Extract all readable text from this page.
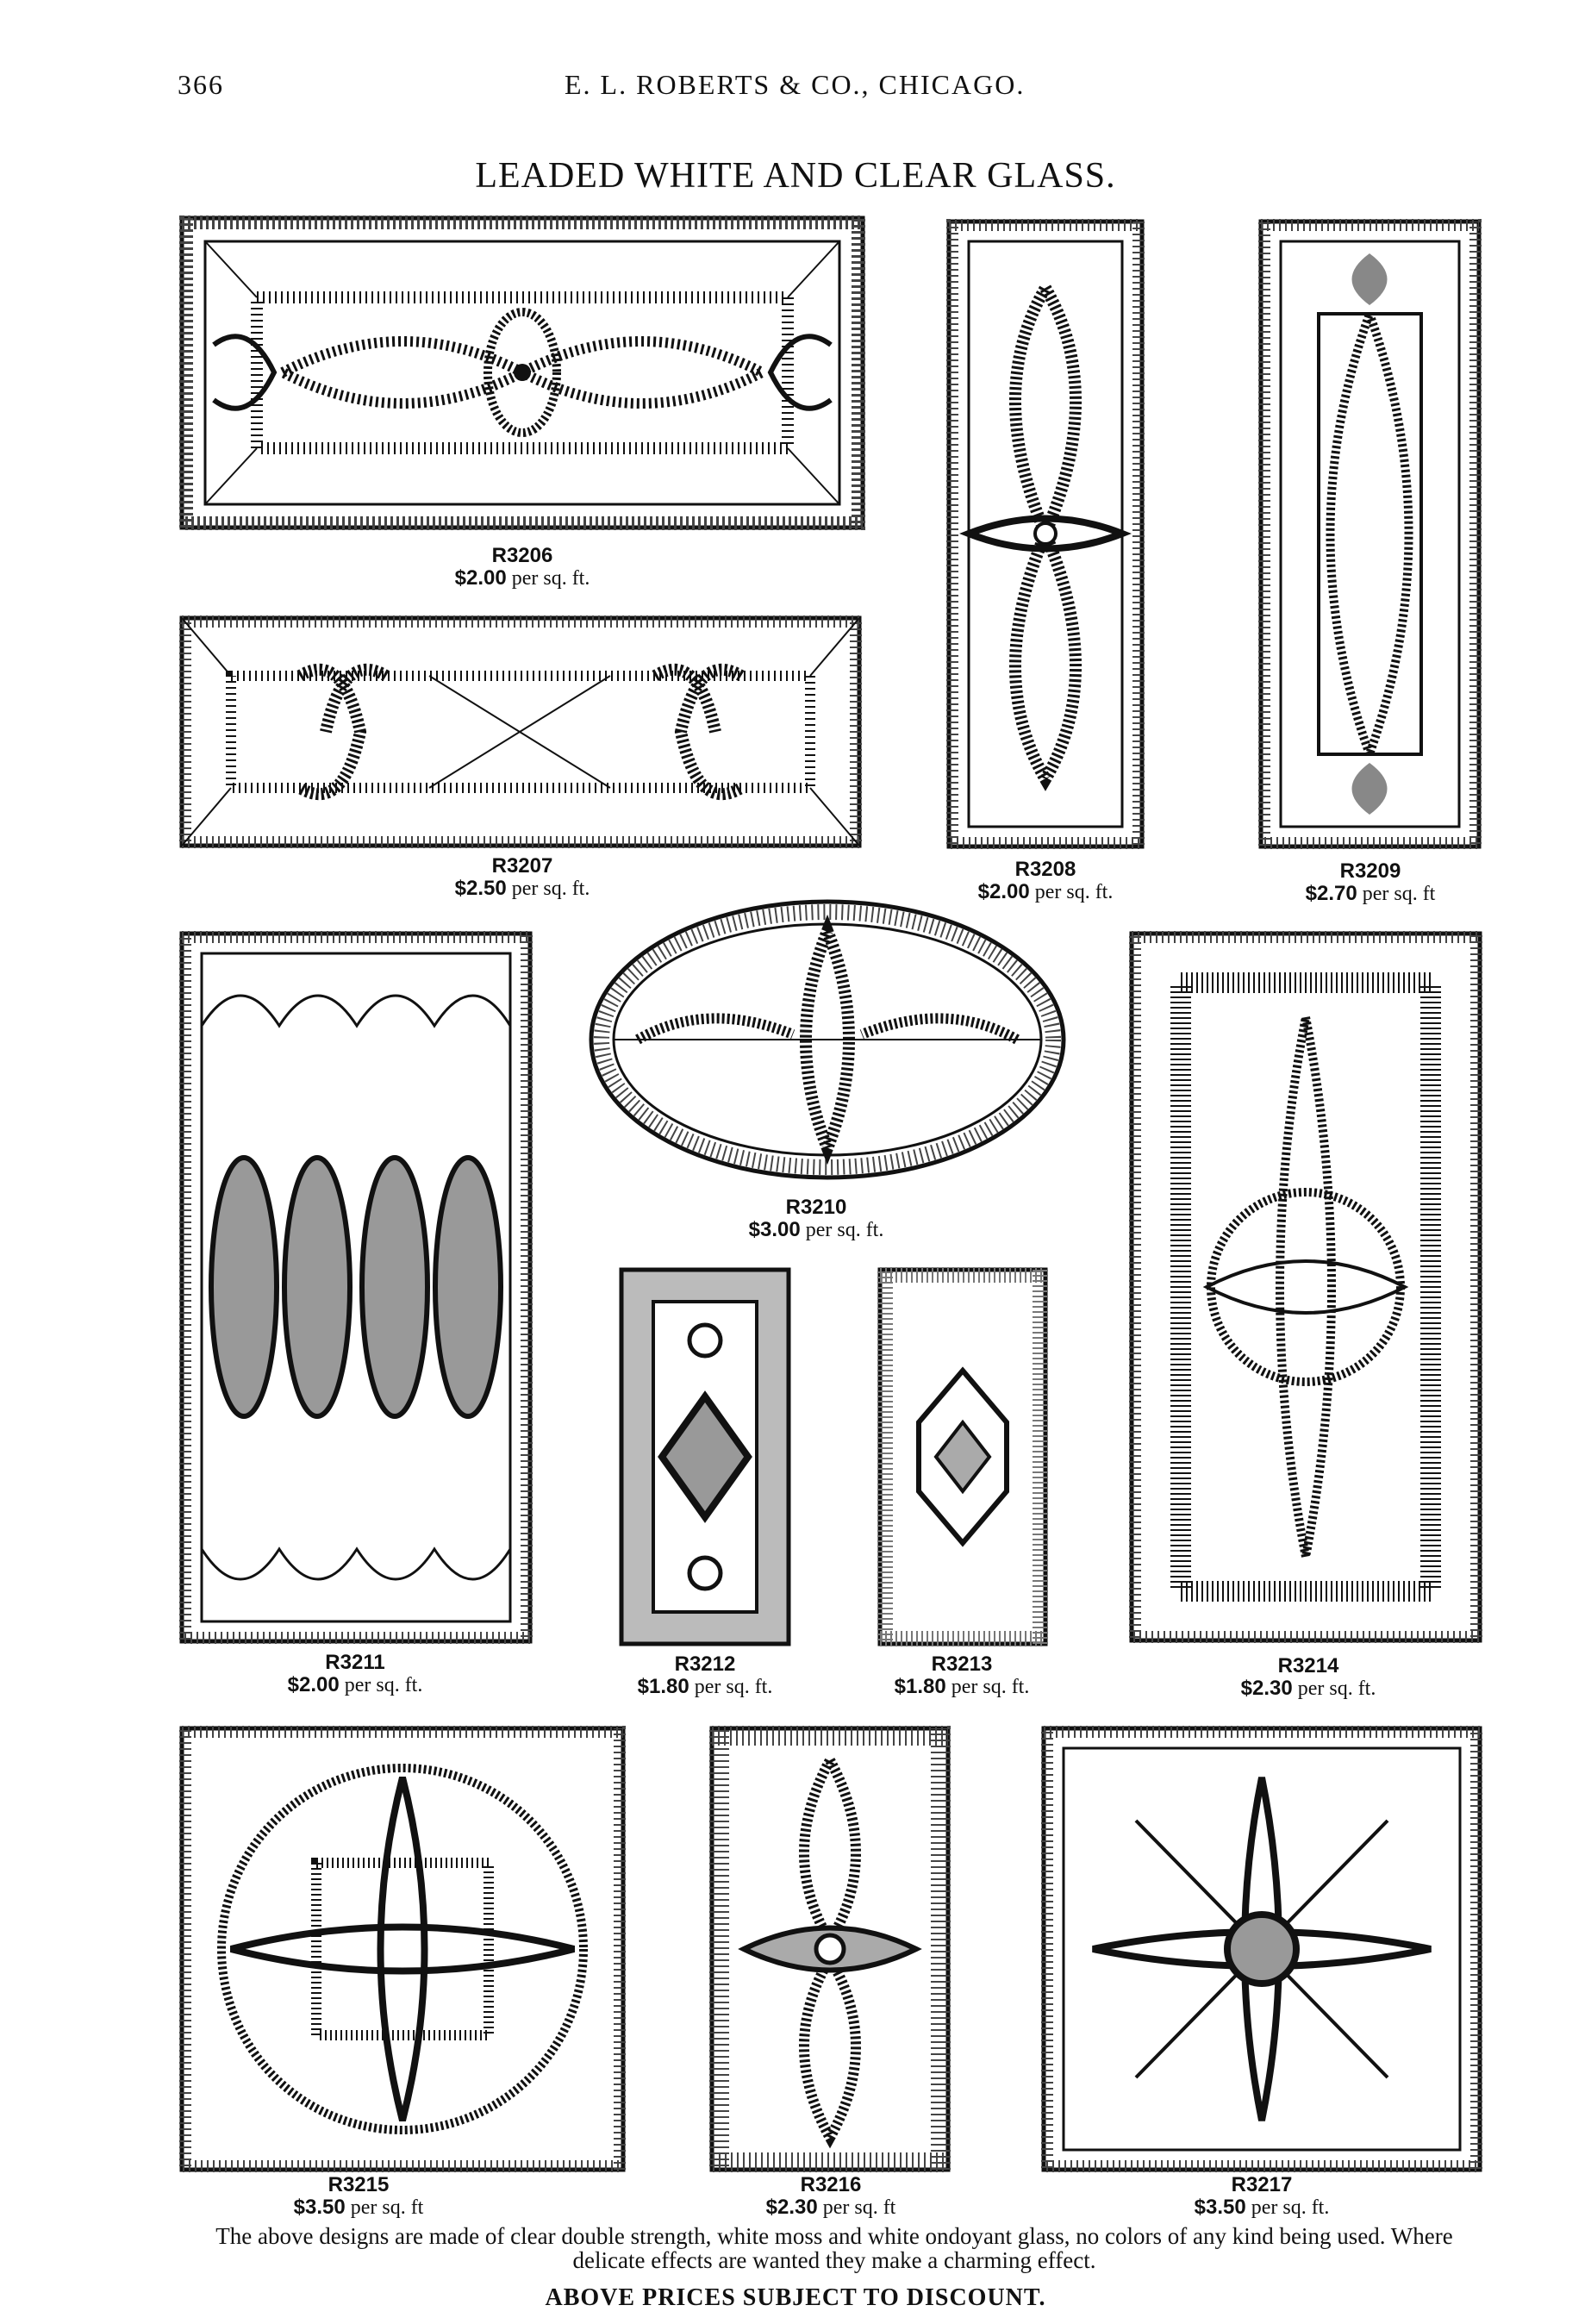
366	E. L. ROBERTS & CO., CHICAGO.
LEADED WHITE AND CLEAR GLASS.
R3206
$2.00 per sq. ft.
R3208
$2.00 per sq. ft.
R3209
$2.70 per sq. ft
R3207
$2.50 per sq. ft.
R3211
$2.00 per sq. ft.
R3210
$3.00 per sq. ft.
R3214
$2.30 per sq. ft.
R3212
$1.80 per sq. ft.
R3213
$1.80 per sq. ft.
R3215
$3.50 per sq. ft
R3216
$2.30 per sq. ft
R3217
$3.50 per sq. ft.
The above designs are made of clear double strength, white moss and white ondoyant glass, no colors of any kind being used. Where delicate effects are wanted they make a charming effect.
ABOVE PRICES SUBJECT TO DISCOUNT.
